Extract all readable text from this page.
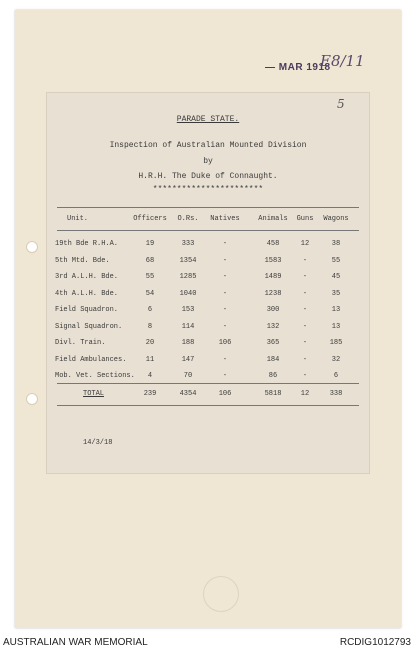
— MAR 1918
E8/11
5
PARADE STATE.
Inspection of Australian Mounted Division
by
H.R.H. The Duke of Connaught.
***********************
Unit.	Officers	O.Rs.	Natives	Animals	Guns	Wagons
19th Bde R.H.A.	19	333	-	458	12	38
5th Mtd. Bde.	68	1354	-	1583	-	55
3rd A.L.H. Bde.	55	1285	-	1489	-	45
4th A.L.H. Bde.	54	1040	-	1238	-	35
Field Squadron.	6	153	-	300	-	13
Signal Squadron.	8	114	-	132	-	13
Divl. Train.	20	188	106	365	-	185
Field Ambulances.	11	147	-	184	-	32
Mob. Vet. Sections.	4	70	-	86	-	6
TOTAL	239	4354	106	5818	12	338
14/3/18
AUSTRALIAN WAR MEMORIAL	RCDIG1012793
